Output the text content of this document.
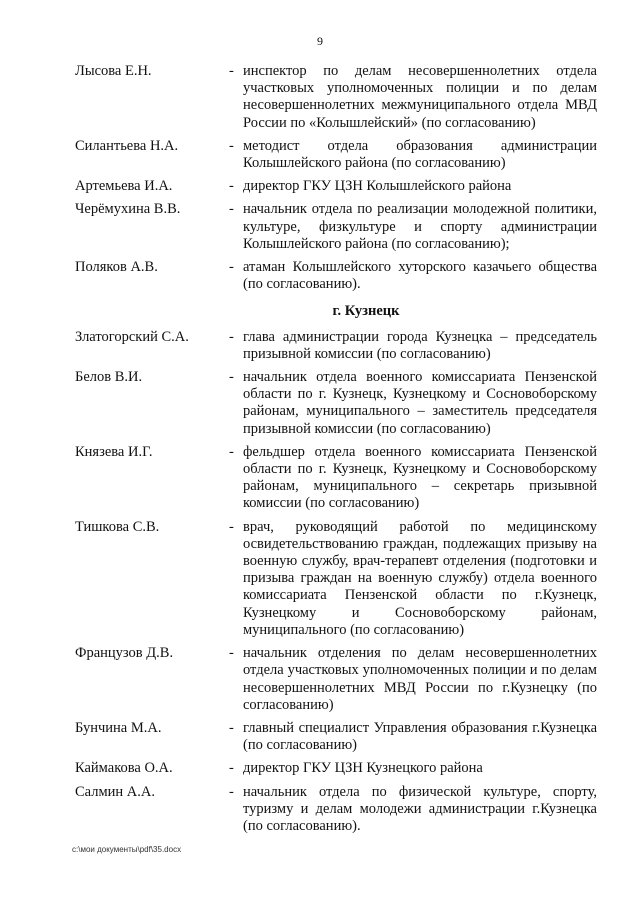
9
Лысова Е.Н.	- инспектор по делам несовершеннолетних отдела участковых уполномоченных полиции и по делам несовершеннолетних межмуниципального отдела МВД России по «Колышлейский» (по согласованию)
Силантьева Н.А.	- методист отдела образования администрации Колышлейского района (по согласованию)
Артемьева И.А.	- директор ГКУ ЦЗН Колышлейского района
Черёмухина В.В.	- начальник отдела по реализации молодежной политики, культуре, физкультуре и спорту администрации Колышлейского района (по согласованию);
Поляков А.В.	- атаман Колышлейского хуторского казачьего общества (по согласованию).
г. Кузнецк
Златогорский С.А.	- глава администрации города Кузнецка – председатель призывной комиссии (по согласованию)
Белов В.И.	- начальник отдела военного комиссариата Пензенской области по г. Кузнецк, Кузнецкому и Сосновоборскому районам, муниципального – заместитель председателя призывной комиссии (по согласованию)
Князева И.Г.	- фельдшер отдела военного комиссариата Пензенской области по г. Кузнецк, Кузнецкому и Сосновоборскому районам, муниципального – секретарь призывной комиссии (по согласованию)
Тишкова С.В.	- врач, руководящий работой по медицинскому освидетельствованию граждан, подлежащих призыву на военную службу, врач-терапевт отделения (подготовки и призыва граждан на военную службу) отдела военного комиссариата Пензенской области по г.Кузнецк, Кузнецкому и Сосновоборскому районам, муниципального (по согласованию)
Французов Д.В.	- начальник отделения по делам несовершеннолетних отдела участковых уполномоченных полиции и по делам несовершеннолетних МВД России по г.Кузнецку (по согласованию)
Бунчина М.А.	- главный специалист Управления образования г.Кузнецка (по согласованию)
Каймакова О.А.	- директор ГКУ ЦЗН Кузнецкого района
Салмин А.А.	- начальник отдела по физической культуре, спорту, туризму и делам молодежи администрации г.Кузнецка (по согласованию).
c:\мои документы\pdf\35.docx
